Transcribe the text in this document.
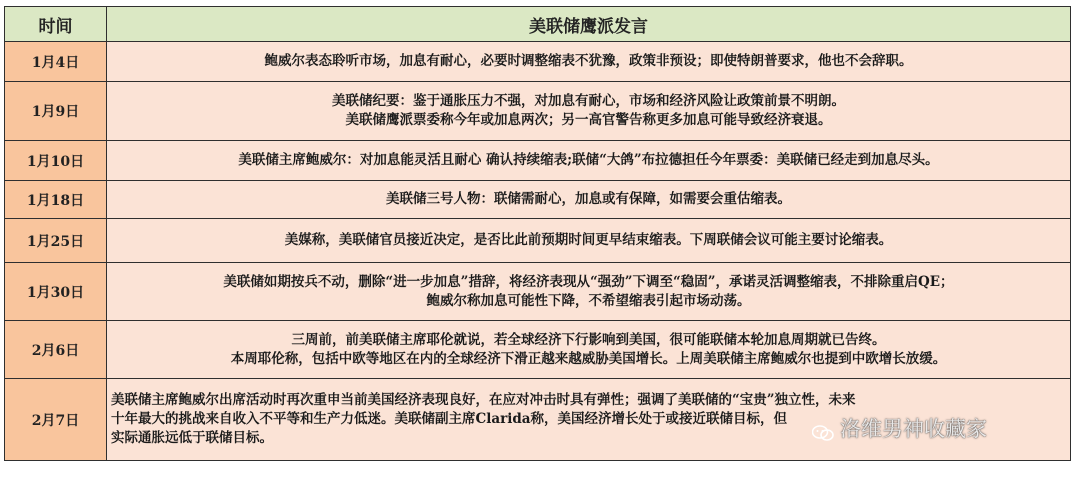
时间	美联储鹰派发言
1月4日	鲍威尔表态聆听市场，加息有耐心，必要时调整缩表不犹豫，政策非预设；即使特朗普要求，他也不会辞职。

1月9日	美联储纪要：鉴于通胀压力不强，对加息有耐心，市场和经济风险让政策前景不明朗。
美联储鹰派票委称今年或加息两次；另一高官警告称更多加息可能导致经济衰退。

1月10日	美联储主席鲍威尔：对加息能灵活且耐心 确认持续缩表;联储“大鸽”布拉德担任今年票委：美联储已经走到加息尽头。

1月18日	美联储三号人物：联储需耐心，加息或有保障，如需要会重估缩表。

1月25日	美媒称，美联储官员接近决定，是否比此前预期时间更早结束缩表。下周联储会议可能主要讨论缩表。

1月30日	美联储如期按兵不动，删除“进一步加息”措辞，将经济表现从“强劲”下调至“稳固”，承诺灵活调整缩表，不排除重启QE；
鲍威尔称加息可能性下降，不希望缩表引起市场动荡。

2月6日	三周前，前美联储主席耶伦就说，若全球经济下行影响到美国，很可能联储本轮加息周期就已告终。
本周耶伦称，包括中欧等地区在内的全球经济下滑正越来越威胁美国增长。上周美联储主席鲍威尔也提到中欧增长放缓。

2月7日	美联储主席鲍威尔出席活动时再次重申当前美国经济表现良好，在应对冲击时具有弹性；强调了美联储的“宝贵”独立性，未来
十年最大的挑战来自收入不平等和生产力低迷。美联储副主席Clarida称，美国经济增长处于或接近联储目标，但
实际通胀远低于联储目标。	洛维男神收藏家
